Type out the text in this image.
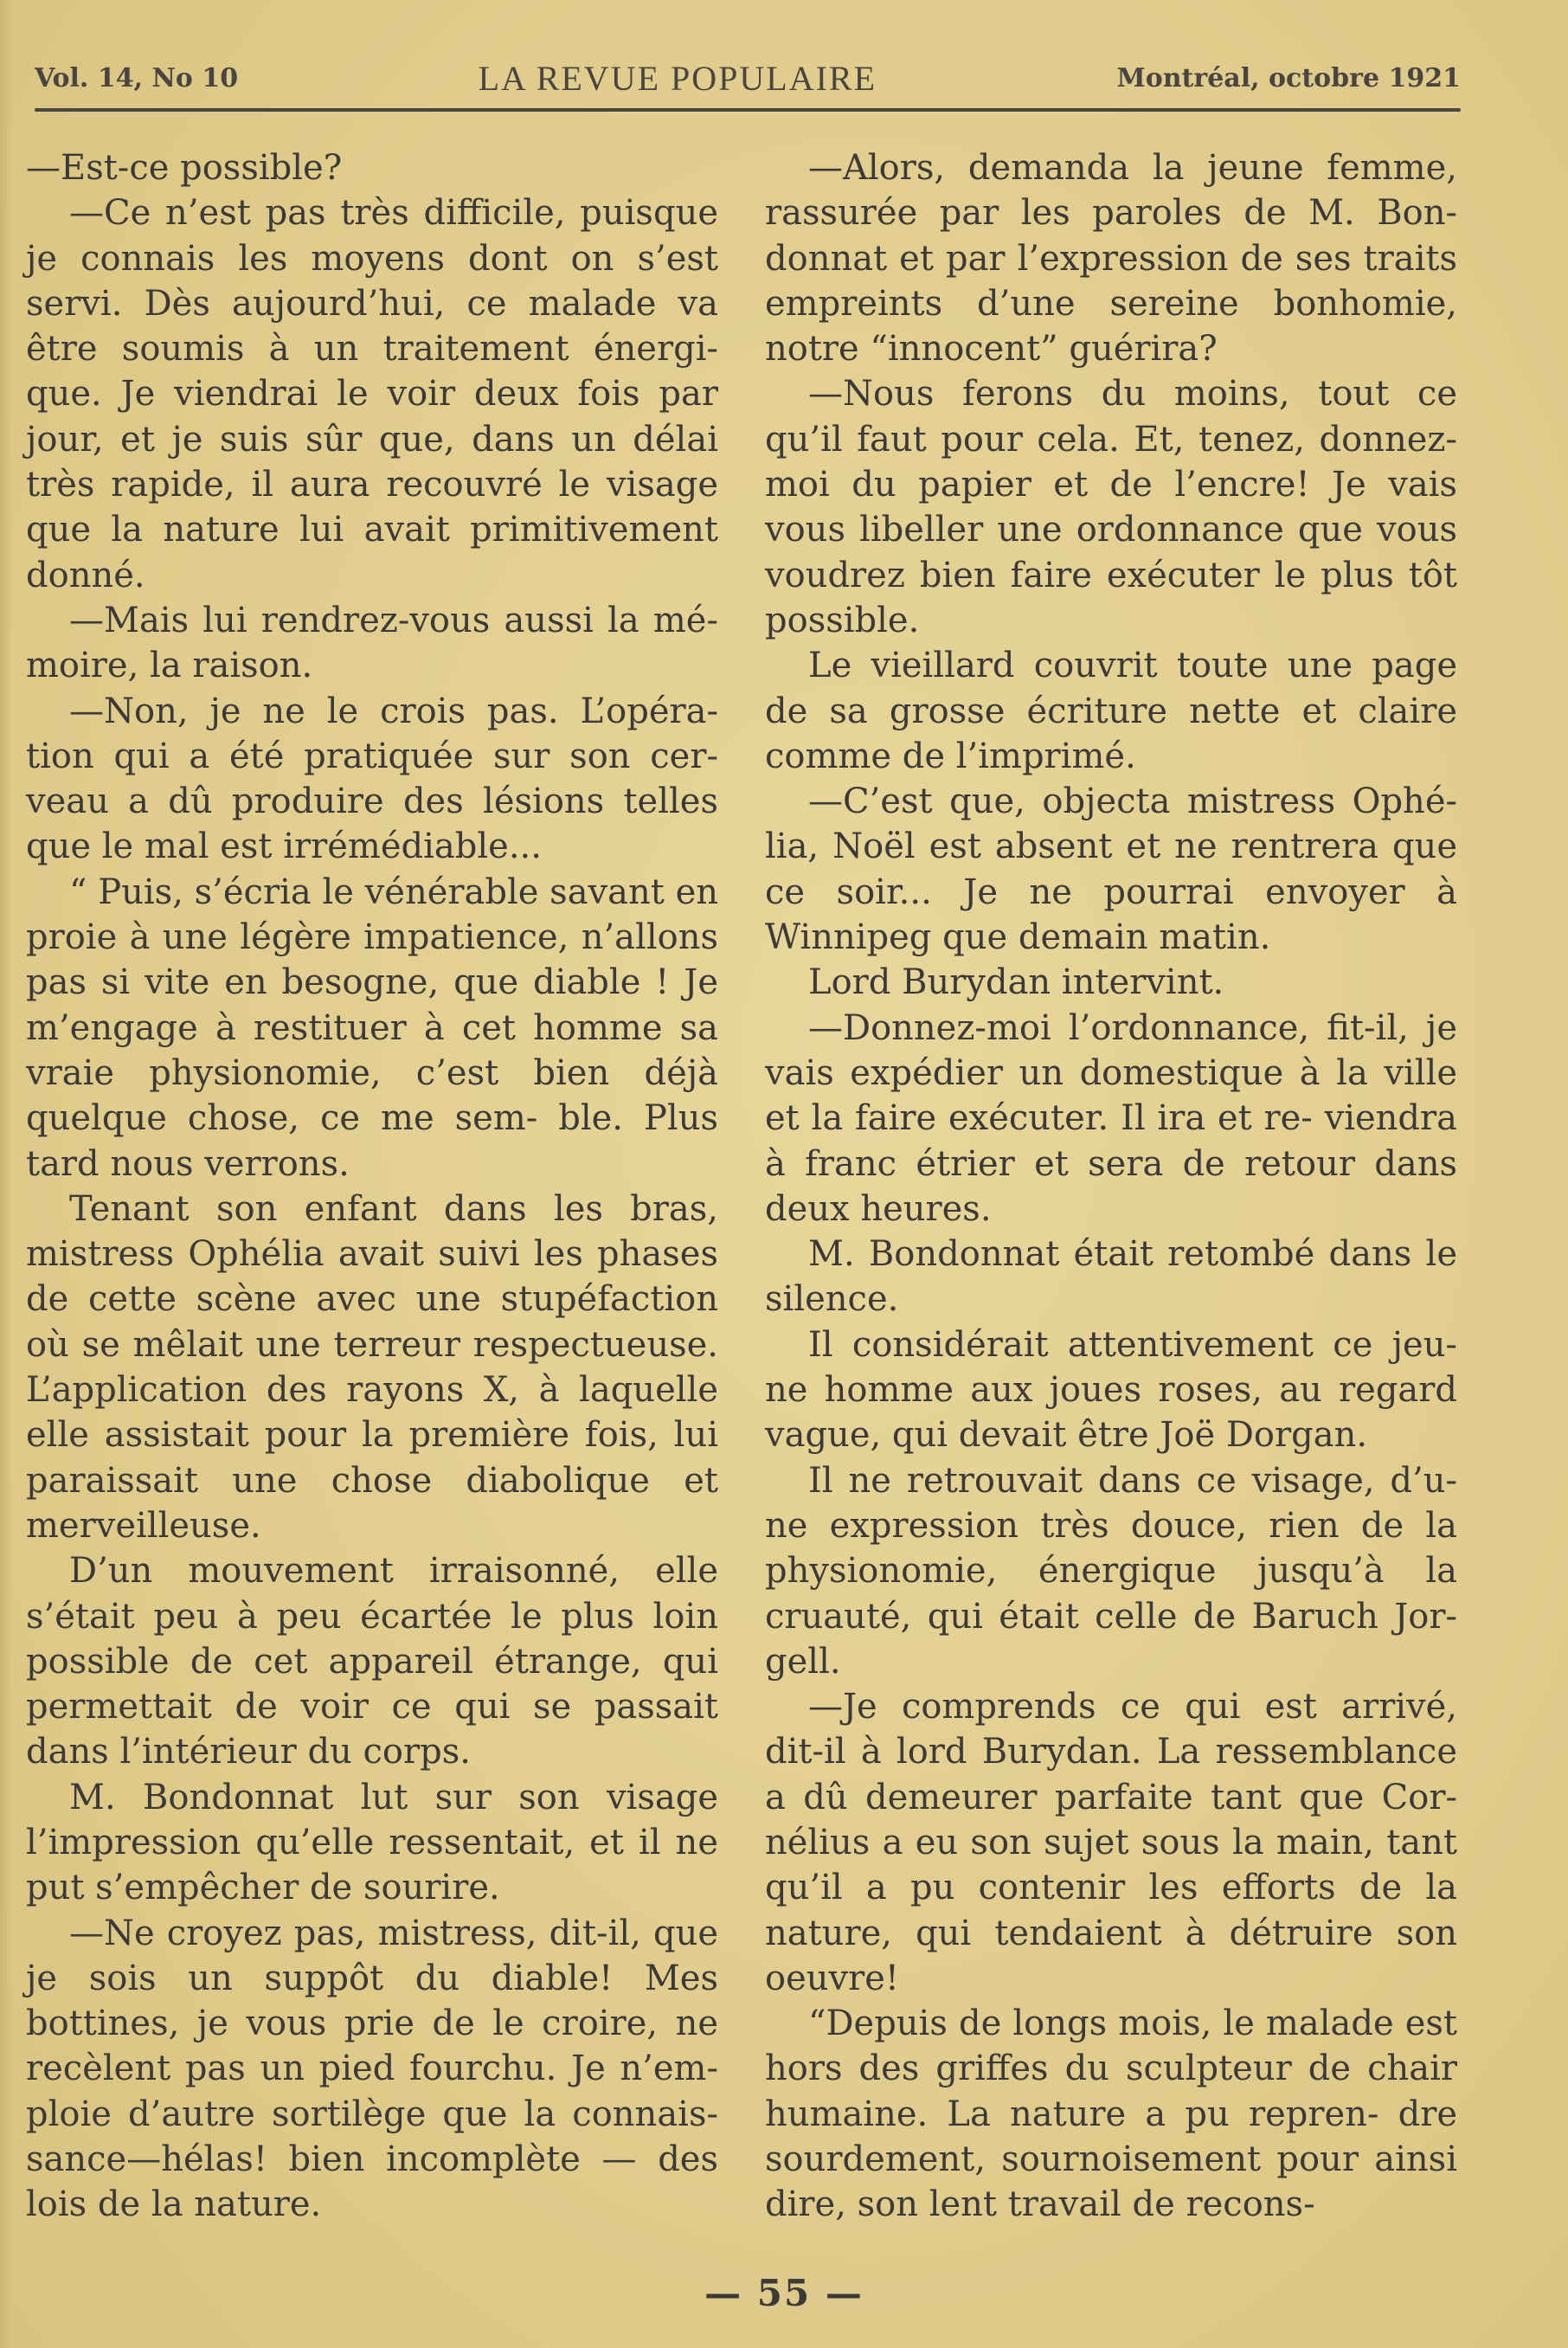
Vol. 14, No 10	LA REVUE POPULAIRE	Montréal, octobre 1921

—Est-ce possible?

—Ce n’est pas très difficile, puisque je connais les moyens dont on s’est servi. Dès aujourd’hui, ce malade va être soumis à un traitement énergi- que. Je viendrai le voir deux fois par jour, et je suis sûr que, dans un délai très rapide, il aura recouvré le visage que la nature lui avait primitivement donné.

—Mais lui rendrez-vous aussi la mé- moire, la raison.

—Non, je ne le crois pas. L’opéra- tion qui a été pratiquée sur son cer- veau a dû produire des lésions telles que le mal est irrémédiable...

“ Puis, s’écria le vénérable savant en proie à une légère impatience, n’allons pas si vite en besogne, que diable ! Je m’engage à restituer à cet homme sa vraie physionomie, c’est bien déjà quelque chose, ce me sem- ble. Plus tard nous verrons.

Tenant son enfant dans les bras, mistress Ophélia avait suivi les phases de cette scène avec une stupéfaction où se mêlait une terreur respectueuse. L’application des rayons X, à laquelle elle assistait pour la première fois, lui paraissait une chose diabolique et merveilleuse.

D’un mouvement irraisonné, elle s’était peu à peu écartée le plus loin possible de cet appareil étrange, qui permettait de voir ce qui se passait dans l’intérieur du corps.

M. Bondonnat lut sur son visage l’impression qu’elle ressentait, et il ne put s’empêcher de sourire.

—Ne croyez pas, mistress, dit-il, que je sois un suppôt du diable! Mes bottines, je vous prie de le croire, ne recèlent pas un pied fourchu. Je n’em- ploie d’autre sortilège que la connais- sance—hélas! bien incomplète — des lois de la nature.

—Alors, demanda la jeune femme, rassurée par les paroles de M. Bon- donnat et par l’expression de ses traits empreints d’une sereine bonhomie, notre “innocent” guérira?

—Nous ferons du moins, tout ce qu’il faut pour cela. Et, tenez, donnez- moi du papier et de l’encre! Je vais vous libeller une ordonnance que vous voudrez bien faire exécuter le plus tôt possible.

Le vieillard couvrit toute une page de sa grosse écriture nette et claire comme de l’imprimé.

—C’est que, objecta mistress Ophé- lia, Noël est absent et ne rentrera que ce soir... Je ne pourrai envoyer à Winnipeg que demain matin.

Lord Burydan intervint.

—Donnez-moi l’ordonnance, fit-il, je vais expédier un domestique à la ville et la faire exécuter. Il ira et re- viendra à franc étrier et sera de retour dans deux heures.

M. Bondonnat était retombé dans le silence.

Il considérait attentivement ce jeu- ne homme aux joues roses, au regard vague, qui devait être Joë Dorgan.

Il ne retrouvait dans ce visage, d’u- ne expression très douce, rien de la physionomie, énergique jusqu’à la cruauté, qui était celle de Baruch Jor- gell.

—Je comprends ce qui est arrivé, dit-il à lord Burydan. La ressemblance a dû demeurer parfaite tant que Cor- nélius a eu son sujet sous la main, tant qu’il a pu contenir les efforts de la nature, qui tendaient à détruire son oeuvre!

“Depuis de longs mois, le malade est hors des griffes du sculpteur de chair humaine. La nature a pu repren- dre sourdement, sournoisement pour ainsi dire, son lent travail de recons-

— 55 —
